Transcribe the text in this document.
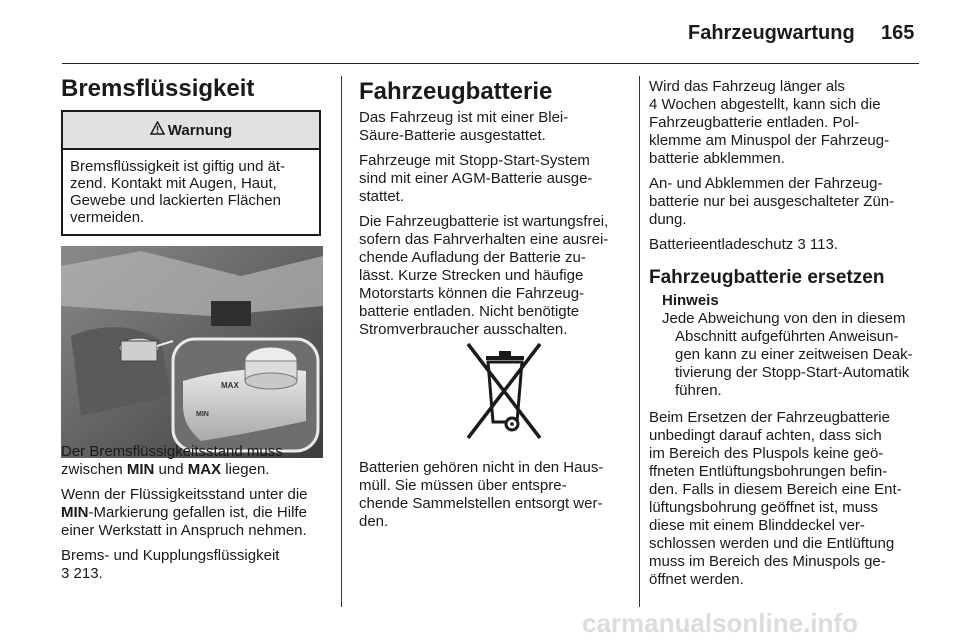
Fahrzeugwartung 165
Bremsflüssigkeit
Warnung
Bremsflüssigkeit ist giftig und ät-
zend. Kontakt mit Augen, Haut,
Gewebe und lackierten Flächen
vermeiden.
MAX
MIN

Der Bremsflüssigkeitsstand muss
zwischen MIN und MAX liegen.

Wenn der Flüssigkeitsstand unter die
MIN-Markierung gefallen ist, die Hilfe
einer Werkstatt in Anspruch nehmen.

Brems- und Kupplungsflüssigkeit
3 213.

Fahrzeugbatterie

Das Fahrzeug ist mit einer Blei-
Säure-Batterie ausgestattet.

Fahrzeuge mit Stopp-Start-System
sind mit einer AGM-Batterie ausge-
stattet.

Die Fahrzeugbatterie ist wartungsfrei,
sofern das Fahrverhalten eine ausrei-
chende Aufladung der Batterie zu-
lässt. Kurze Strecken und häufige
Motorstarts können die Fahrzeug-
batterie entladen. Nicht benötigte
Stromverbraucher ausschalten.

Batterien gehören nicht in den Haus-
müll. Sie müssen über entspre-
chende Sammelstellen entsorgt wer-
den.

Wird das Fahrzeug länger als
4 Wochen abgestellt, kann sich die
Fahrzeugbatterie entladen. Pol-
klemme am Minuspol der Fahrzeug-
batterie abklemmen.

An- und Abklemmen der Fahrzeug-
batterie nur bei ausgeschalteter Zün-
dung.

Batterieentladeschutz 3 113.

Fahrzeugbatterie ersetzen
Hinweis
Jede Abweichung von den in diesem
Abschnitt aufgeführten Anweisun-
gen kann zu einer zeitweisen Deak-
tivierung der Stopp-Start-Automatik
führen.

Beim Ersetzen der Fahrzeugbatterie
unbedingt darauf achten, dass sich
im Bereich des Pluspols keine geö-
ffneten Entlüftungsbohrungen befin-
den. Falls in diesem Bereich eine Ent-
lüftungsbohrung geöffnet ist, muss
diese mit einem Blinddeckel ver-
schlossen werden und die Entlüftung
muss im Bereich des Minuspols ge-
öffnet werden.

carmanualsonline.info
